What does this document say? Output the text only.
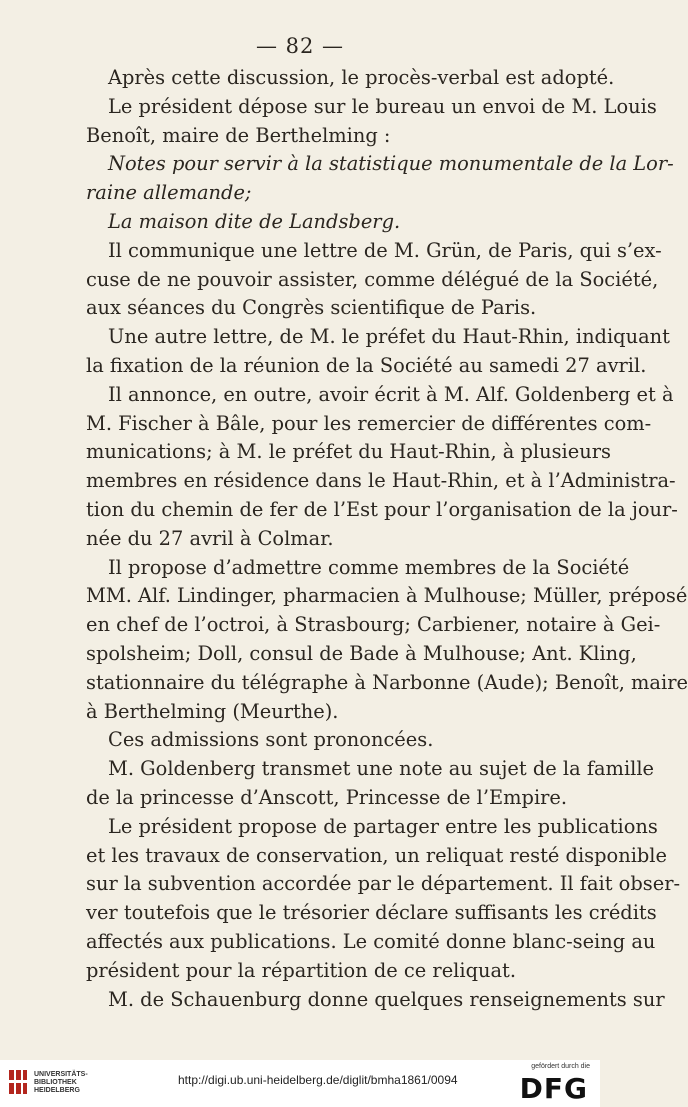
— 82 —
Après cette discussion, le procès-verbal est adopté.
Le président dépose sur le bureau un envoi de M. Louis
Benoît, maire de Berthelming :
Notes pour servir à la statistique monumentale de la Lor-
raine allemande;
La maison dite de Landsberg.
Il communique une lettre de M. Grün, de Paris, qui s’ex-
cuse de ne pouvoir assister, comme délégué de la Société,
aux séances du Congrès scientifique de Paris.
Une autre lettre, de M. le préfet du Haut-Rhin, indiquant
la fixation de la réunion de la Société au samedi 27 avril.
Il annonce, en outre, avoir écrit à M. Alf. Goldenberg et à
M. Fischer à Bâle, pour les remercier de différentes com-
munications; à M. le préfet du Haut-Rhin, à plusieurs
membres en résidence dans le Haut-Rhin, et à l’Administra-
tion du chemin de fer de l’Est pour l’organisation de la jour-
née du 27 avril à Colmar.
Il propose d’admettre comme membres de la Société
MM. Alf. Lindinger, pharmacien à Mulhouse; Müller, préposé
en chef de l’octroi, à Strasbourg; Carbiener, notaire à Gei-
spolsheim; Doll, consul de Bade à Mulhouse; Ant. Kling,
stationnaire du télégraphe à Narbonne (Aude); Benoît, maire
à Berthelming (Meurthe).
Ces admissions sont prononcées.
M. Goldenberg transmet une note au sujet de la famille
de la princesse d’Anscott, Princesse de l’Empire.
Le président propose de partager entre les publications
et les travaux de conservation, un reliquat resté disponible
sur la subvention accordée par le département. Il fait obser-
ver toutefois que le trésorier déclare suffisants les crédits
affectés aux publications. Le comité donne blanc-seing au
président pour la répartition de ce reliquat.
M. de Schauenburg donne quelques renseignements sur
UNIVERSITÄTS-
BIBLIOTHEK
HEIDELBERG
http://digi.ub.uni-heidelberg.de/diglit/bmha1861/0094
gefördert durch die
DFG
